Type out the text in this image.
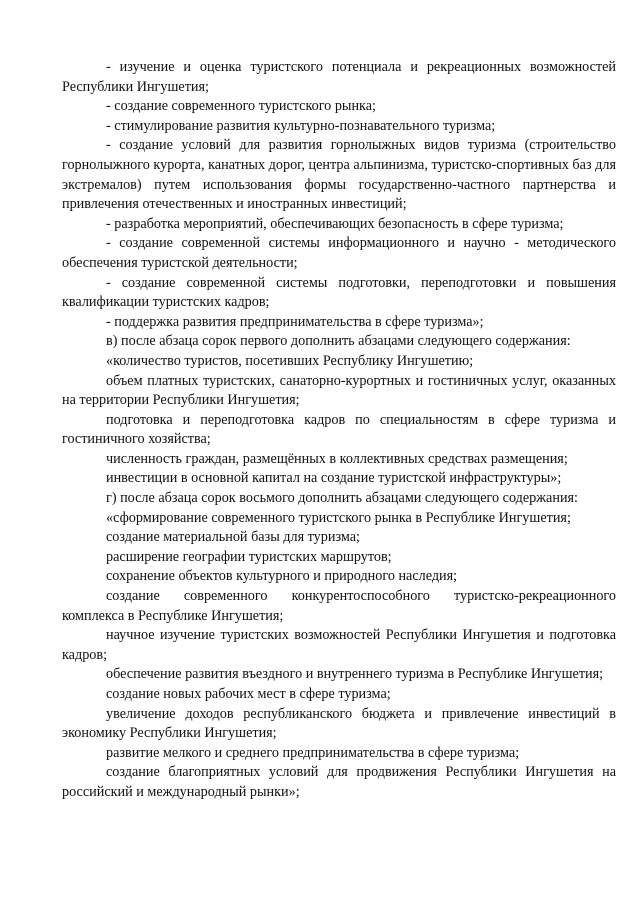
- изучение и оценка туристского потенциала и рекреационных возможностей Республики Ингушетия;

- создание современного туристского рынка;

- стимулирование развития культурно-познавательного туризма;

- создание условий для развития горнолыжных видов туризма (строительство горнолыжного курорта, канатных дорог, центра альпинизма, туристско-спортивных баз для экстремалов) путем использования формы государственно-частного партнерства и привлечения отечественных и иностранных инвестиций;

- разработка мероприятий, обеспечивающих безопасность в сфере туризма;

- создание современной системы информационного и научно - методического обеспечения туристской деятельности;

- создание современной системы подготовки, переподготовки и повышения квалификации туристских кадров;

- поддержка развития предпринимательства в сфере туризма»;

в) после абзаца сорок первого дополнить абзацами следующего содержания:

«количество туристов, посетивших Республику Ингушетию;

объем платных туристских, санаторно-курортных и гостиничных услуг, оказанных на территории Республики Ингушетия;

подготовка и переподготовка кадров по специальностям в сфере туризма и гостиничного хозяйства;

численность граждан, размещённых в коллективных средствах размещения;

инвестиции в основной капитал на создание туристской инфраструктуры»;

г) после абзаца сорок восьмого дополнить абзацами следующего содержания:

«сформирование современного туристского рынка в Республике Ингушетия;

создание материальной базы для туризма;

расширение географии туристских маршрутов;

сохранение объектов культурного и природного наследия;

создание современного конкурентоспособного туристско-рекреационного комплекса в Республике Ингушетия;

научное изучение туристских возможностей Республики Ингушетия и подготовка кадров;

обеспечение развития въездного и внутреннего туризма в Республике Ингушетия;

создание новых рабочих мест в сфере туризма;

увеличение доходов республиканского бюджета и привлечение инвестиций в экономику Республики Ингушетия;

развитие мелкого и среднего предпринимательства в сфере туризма;

создание благоприятных условий для продвижения Республики Ингушетия на российский и международный рынки»;
